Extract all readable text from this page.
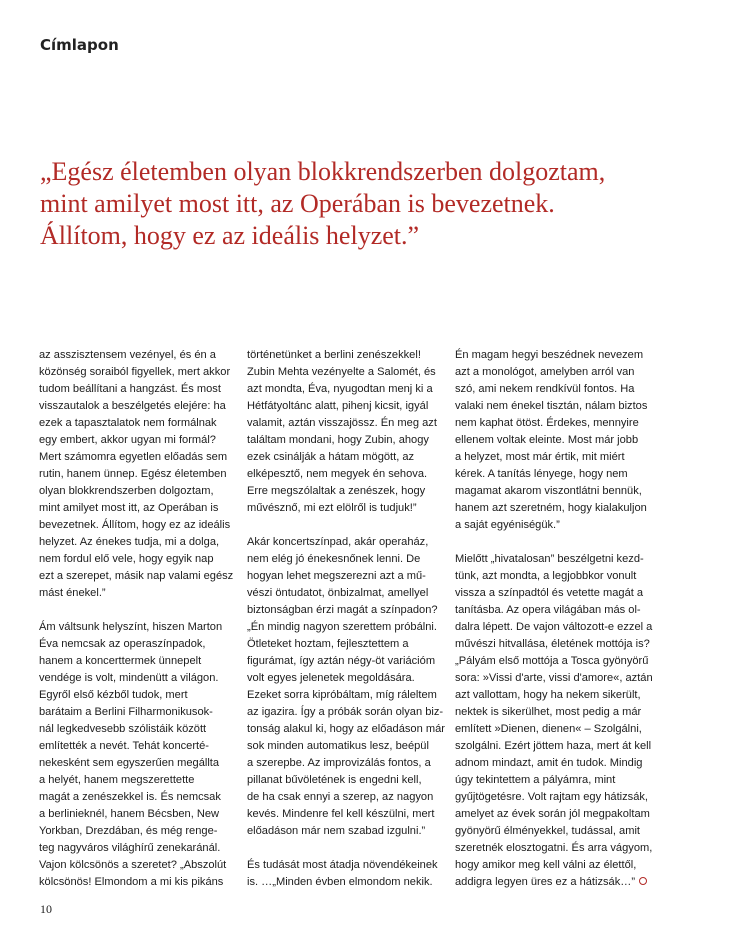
Címlapon

„Egész életemben olyan blokkrendszerben dolgoztam,
mint amilyet most itt, az Operában is bevezetnek.
Állítom, hogy ez az ideális helyzet.”

az asszisztensem vezényel, és én a
közönség soraiból figyellek, mert akkor
tudom beállítani a hangzást. És most
visszautalok a beszélgetés elejére: ha
ezek a tapasztalatok nem formálnak
egy embert, akkor ugyan mi formál?
Mert számomra egyetlen előadás sem
rutin, hanem ünnep. Egész életemben
olyan blokkrendszerben dolgoztam,
mint amilyet most itt, az Operában is
bevezetnek. Állítom, hogy ez az ideális
helyzet. Az énekes tudja, mi a dolga,
nem fordul elő vele, hogy egyik nap
ezt a szerepet, másik nap valami egész
mást énekel.”

Ám váltsunk helyszínt, hiszen Marton
Éva nemcsak az operaszínpadok,
hanem a koncerttermek ünnepelt
vendége is volt, mindenütt a világon.
Egyről első kézből tudok, mert
barátaim a Berlini Filharmonikusok-
nál legkedvesebb szólistáik között
említették a nevét. Tehát koncerté-
nekesként sem egyszerűen megállta
a helyét, hanem megszerettette
magát a zenészekkel is. És nemcsak
a berlinieknél, hanem Bécsben, New
Yorkban, Drezdában, és még renge-
teg nagyváros világhírű zenekaránál.
Vajon kölcsönös a szeretet? „Abszolút
kölcsönös! Elmondom a mi kis pikáns

történetünket a berlini zenészekkel!
Zubin Mehta vezényelte a Salomét, és
azt mondta, Éva, nyugodtan menj ki a
Hétfátyoltánc alatt, pihenj kicsit, igyál
valamit, aztán visszajössz. Én meg azt
találtam mondani, hogy Zubin, ahogy
ezek csinálják a hátam mögött, az
elképesztő, nem megyek én sehova.
Erre megszólaltak a zenészek, hogy
művésznő, mi ezt elölről is tudjuk!”

Akár koncertszínpad, akár operaház,
nem elég jó énekesnőnek lenni. De
hogyan lehet megszerezni azt a mű-
vészi öntudatot, önbizalmat, amellyel
biztonságban érzi magát a színpadon?
„Én mindig nagyon szerettem próbálni.
Ötleteket hoztam, fejlesztettem a
figurámat, így aztán négy-öt variációm
volt egyes jelenetek megoldására.
Ezeket sorra kipróbáltam, míg ráleltem
az igazira. Így a próbák során olyan biz-
tonság alakul ki, hogy az előadáson már
sok minden automatikus lesz, beépül
a szerepbe. Az improvizálás fontos, a
pillanat bűvöletének is engedni kell,
de ha csak ennyi a szerep, az nagyon
kevés. Mindenre fel kell készülni, mert
előadáson már nem szabad izgulni.”

És tudását most átadja növendékeinek
is. …„Minden évben elmondom nekik.

Én magam hegyi beszédnek nevezem
azt a monológot, amelyben arról van
szó, ami nekem rendkívül fontos. Ha
valaki nem énekel tisztán, nálam biztos
nem kaphat ötöst. Érdekes, mennyire
ellenem voltak eleinte. Most már jobb
a helyzet, most már értik, mit miért
kérek. A tanítás lényege, hogy nem
magamat akarom viszontlátni bennük,
hanem azt szeretném, hogy kialakuljon
a saját egyéniségük.”

Mielőtt „hivatalosan” beszélgetni kezd-
tünk, azt mondta, a legjobbkor vonult
vissza a színpadtól és vetette magát a
tanításba. Az opera világában más ol-
dalra lépett. De vajon változott-e ezzel a
művészi hitvallása, életének mottója is?
„Pályám első mottója a Tosca gyönyörű
sora: »Vissi d'arte, vissi d'amore«, aztán
azt vallottam, hogy ha nekem sikerült,
nektek is sikerülhet, most pedig a már
említett »Dienen, dienen« – Szolgálni,
szolgálni. Ezért jöttem haza, mert át kell
adnom mindazt, amit én tudok. Mindig
úgy tekintettem a pályámra, mint
gyűjtögetésre. Volt rajtam egy hátizsák,
amelyet az évek során jól megpakoltam
gyönyörű élményekkel, tudással, amit
szeretnék elosztogatni. És arra vágyom,
hogy amikor meg kell válni az élettől,
addigra legyen üres ez a hátizsák…”

10
